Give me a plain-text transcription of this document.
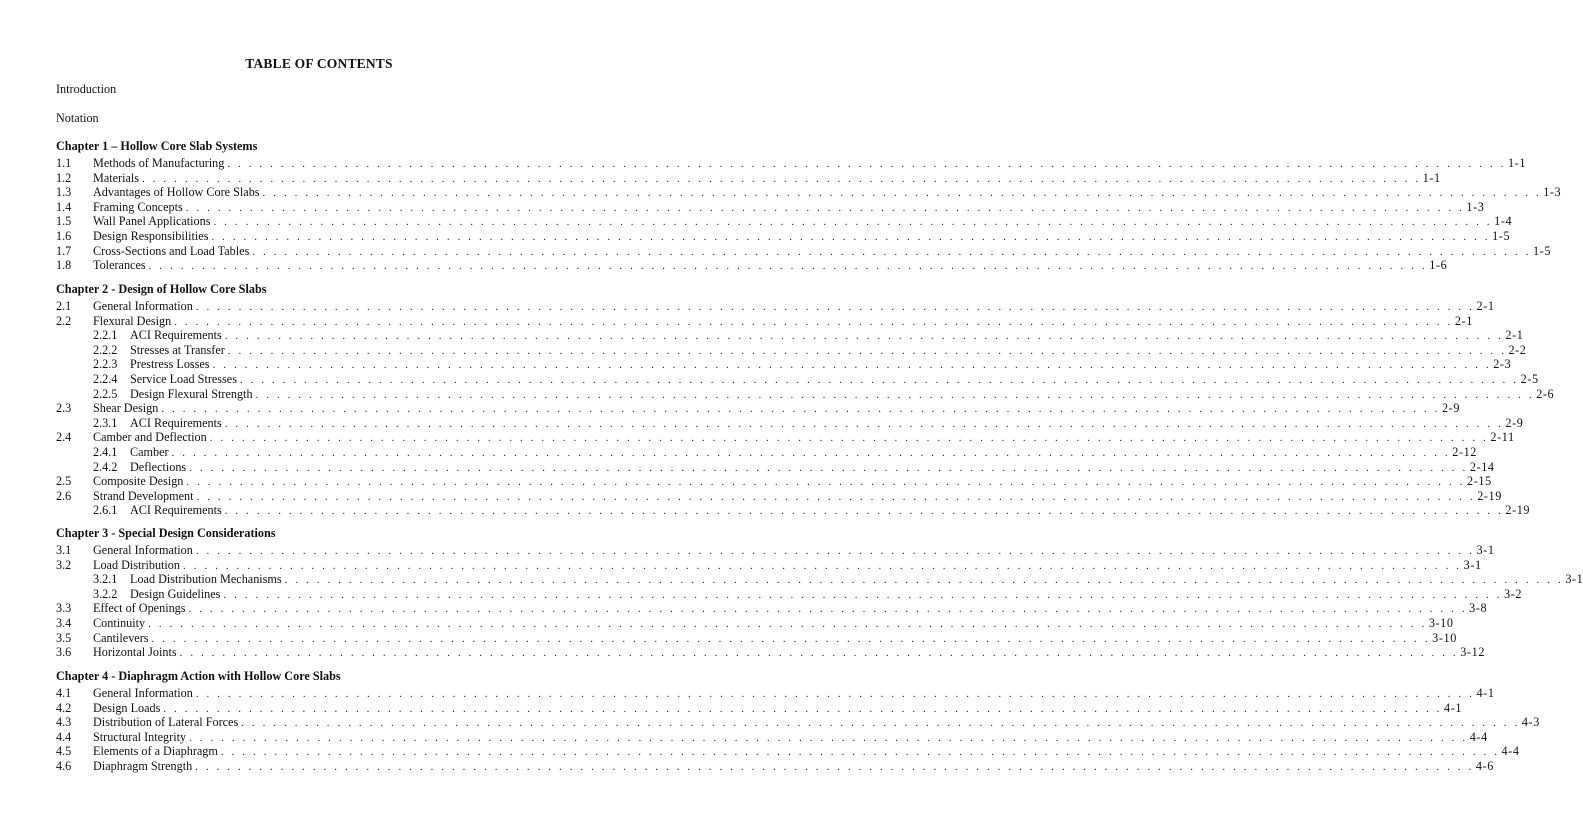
TABLE OF CONTENTS
Introduction
Notation
Chapter 1 – Hollow Core Slab Systems
1.1	Methods of Manufacturing . . . . . . . . . . . . . . . . . . . . . . . . . . . . . . . . . . . . . . . . . . . . . . . . . . . . . . . . . . . . . . . . . . . . . . . . . . . . . . . . . . . . . . . . . . . . . . . . . . . . . . . . . . . . . . . . . . . . . . . . 1-1
1.2	Materials . . . . . . . . . . . . . . . . . . . . . . . . . . . . . . . . . . . . . . . . . . . . . . . . . . . . . . . . . . . . . . . . . . . . . . . . . . . . . . . . . . . . . . . . . . . . . . . . . . . . . . . . . . . . . . . . . . . . . . . . 1-1
1.3	Advantages of Hollow Core Slabs . . . . . . . . . . . . . . . . . . . . . . . . . . . . . . . . . . . . . . . . . . . . . . . . . . . . . . . . . . . . . . . . . . . . . . . . . . . . . . . . . . . . . . . . . . . . . . . . . . . . . . . . . . . . . . . . . . . . . . . . 1-3
1.4	Framing Concepts . . . . . . . . . . . . . . . . . . . . . . . . . . . . . . . . . . . . . . . . . . . . . . . . . . . . . . . . . . . . . . . . . . . . . . . . . . . . . . . . . . . . . . . . . . . . . . . . . . . . . . . . . . . . . . . . . . . . . . . . 1-3
1.5	Wall Panel Applications . . . . . . . . . . . . . . . . . . . . . . . . . . . . . . . . . . . . . . . . . . . . . . . . . . . . . . . . . . . . . . . . . . . . . . . . . . . . . . . . . . . . . . . . . . . . . . . . . . . . . . . . . . . . . . . . . . . . . . . . 1-4
1.6	Design Responsibilities . . . . . . . . . . . . . . . . . . . . . . . . . . . . . . . . . . . . . . . . . . . . . . . . . . . . . . . . . . . . . . . . . . . . . . . . . . . . . . . . . . . . . . . . . . . . . . . . . . . . . . . . . . . . . . . . . . . . . . . . 1-5
1.7	Cross-Sections and Load Tables . . . . . . . . . . . . . . . . . . . . . . . . . . . . . . . . . . . . . . . . . . . . . . . . . . . . . . . . . . . . . . . . . . . . . . . . . . . . . . . . . . . . . . . . . . . . . . . . . . . . . . . . . . . . . . . . . . . . . . . . 1-5
1.8	Tolerances . . . . . . . . . . . . . . . . . . . . . . . . . . . . . . . . . . . . . . . . . . . . . . . . . . . . . . . . . . . . . . . . . . . . . . . . . . . . . . . . . . . . . . . . . . . . . . . . . . . . . . . . . . . . . . . . . . . . . . . . 1-6
Chapter 2 - Design of Hollow Core Slabs
2.1	General Information . . . . . . . . . . . . . . . . . . . . . . . . . . . . . . . . . . . . . . . . . . . . . . . . . . . . . . . . . . . . . . . . . . . . . . . . . . . . . . . . . . . . . . . . . . . . . . . . . . . . . . . . . . . . . . . . . . . . . . . . 2-1
2.2	Flexural Design . . . . . . . . . . . . . . . . . . . . . . . . . . . . . . . . . . . . . . . . . . . . . . . . . . . . . . . . . . . . . . . . . . . . . . . . . . . . . . . . . . . . . . . . . . . . . . . . . . . . . . . . . . . . . . . . . . . . . . . . 2-1
2.2.1	ACI Requirements . . . . . . . . . . . . . . . . . . . . . . . . . . . . . . . . . . . . . . . . . . . . . . . . . . . . . . . . . . . . . . . . . . . . . . . . . . . . . . . . . . . . . . . . . . . . . . . . . . . . . . . . . . . . . . . . . . . . . . . . 2-1
2.2.2	Stresses at Transfer . . . . . . . . . . . . . . . . . . . . . . . . . . . . . . . . . . . . . . . . . . . . . . . . . . . . . . . . . . . . . . . . . . . . . . . . . . . . . . . . . . . . . . . . . . . . . . . . . . . . . . . . . . . . . . . . . . . . . . . . 2-2
2.2.3	Prestress Losses . . . . . . . . . . . . . . . . . . . . . . . . . . . . . . . . . . . . . . . . . . . . . . . . . . . . . . . . . . . . . . . . . . . . . . . . . . . . . . . . . . . . . . . . . . . . . . . . . . . . . . . . . . . . . . . . . . . . . . . . 2-3
2.2.4	Service Load Stresses . . . . . . . . . . . . . . . . . . . . . . . . . . . . . . . . . . . . . . . . . . . . . . . . . . . . . . . . . . . . . . . . . . . . . . . . . . . . . . . . . . . . . . . . . . . . . . . . . . . . . . . . . . . . . . . . . . . . . . . . 2-5
2.2.5	Design Flexural Strength . . . . . . . . . . . . . . . . . . . . . . . . . . . . . . . . . . . . . . . . . . . . . . . . . . . . . . . . . . . . . . . . . . . . . . . . . . . . . . . . . . . . . . . . . . . . . . . . . . . . . . . . . . . . . . . . . . . . . . . . 2-6
2.3	Shear Design . . . . . . . . . . . . . . . . . . . . . . . . . . . . . . . . . . . . . . . . . . . . . . . . . . . . . . . . . . . . . . . . . . . . . . . . . . . . . . . . . . . . . . . . . . . . . . . . . . . . . . . . . . . . . . . . . . . . . . . . 2-9
2.3.1	ACI Requirements . . . . . . . . . . . . . . . . . . . . . . . . . . . . . . . . . . . . . . . . . . . . . . . . . . . . . . . . . . . . . . . . . . . . . . . . . . . . . . . . . . . . . . . . . . . . . . . . . . . . . . . . . . . . . . . . . . . . . . . . 2-9
2.4	Camber and Deflection . . . . . . . . . . . . . . . . . . . . . . . . . . . . . . . . . . . . . . . . . . . . . . . . . . . . . . . . . . . . . . . . . . . . . . . . . . . . . . . . . . . . . . . . . . . . . . . . . . . . . . . . . . . . . . . . . . . . . . . . 2-11
2.4.1	Camber . . . . . . . . . . . . . . . . . . . . . . . . . . . . . . . . . . . . . . . . . . . . . . . . . . . . . . . . . . . . . . . . . . . . . . . . . . . . . . . . . . . . . . . . . . . . . . . . . . . . . . . . . . . . . . . . . . . . . . . . 2-12
2.4.2	Deflections . . . . . . . . . . . . . . . . . . . . . . . . . . . . . . . . . . . . . . . . . . . . . . . . . . . . . . . . . . . . . . . . . . . . . . . . . . . . . . . . . . . . . . . . . . . . . . . . . . . . . . . . . . . . . . . . . . . . . . . . 2-14
2.5	Composite Design . . . . . . . . . . . . . . . . . . . . . . . . . . . . . . . . . . . . . . . . . . . . . . . . . . . . . . . . . . . . . . . . . . . . . . . . . . . . . . . . . . . . . . . . . . . . . . . . . . . . . . . . . . . . . . . . . . . . . . . . 2-15
2.6	Strand Development . . . . . . . . . . . . . . . . . . . . . . . . . . . . . . . . . . . . . . . . . . . . . . . . . . . . . . . . . . . . . . . . . . . . . . . . . . . . . . . . . . . . . . . . . . . . . . . . . . . . . . . . . . . . . . . . . . . . . . . . 2-19
2.6.1	ACI Requirements . . . . . . . . . . . . . . . . . . . . . . . . . . . . . . . . . . . . . . . . . . . . . . . . . . . . . . . . . . . . . . . . . . . . . . . . . . . . . . . . . . . . . . . . . . . . . . . . . . . . . . . . . . . . . . . . . . . . . . . . 2-19
Chapter 3 - Special Design Considerations
3.1	General Information . . . . . . . . . . . . . . . . . . . . . . . . . . . . . . . . . . . . . . . . . . . . . . . . . . . . . . . . . . . . . . . . . . . . . . . . . . . . . . . . . . . . . . . . . . . . . . . . . . . . . . . . . . . . . . . . . . . . . . . . 3-1
3.2	Load Distribution . . . . . . . . . . . . . . . . . . . . . . . . . . . . . . . . . . . . . . . . . . . . . . . . . . . . . . . . . . . . . . . . . . . . . . . . . . . . . . . . . . . . . . . . . . . . . . . . . . . . . . . . . . . . . . . . . . . . . . . . 3-1
3.2.1	Load Distribution Mechanisms . . . . . . . . . . . . . . . . . . . . . . . . . . . . . . . . . . . . . . . . . . . . . . . . . . . . . . . . . . . . . . . . . . . . . . . . . . . . . . . . . . . . . . . . . . . . . . . . . . . . . . . . . . . . . . . . . . . . . . . . 3-1
3.2.2	Design Guidelines . . . . . . . . . . . . . . . . . . . . . . . . . . . . . . . . . . . . . . . . . . . . . . . . . . . . . . . . . . . . . . . . . . . . . . . . . . . . . . . . . . . . . . . . . . . . . . . . . . . . . . . . . . . . . . . . . . . . . . . . 3-2
3.3	Effect of Openings . . . . . . . . . . . . . . . . . . . . . . . . . . . . . . . . . . . . . . . . . . . . . . . . . . . . . . . . . . . . . . . . . . . . . . . . . . . . . . . . . . . . . . . . . . . . . . . . . . . . . . . . . . . . . . . . . . . . . . . . 3-8
3.4	Continuity . . . . . . . . . . . . . . . . . . . . . . . . . . . . . . . . . . . . . . . . . . . . . . . . . . . . . . . . . . . . . . . . . . . . . . . . . . . . . . . . . . . . . . . . . . . . . . . . . . . . . . . . . . . . . . . . . . . . . . . . 3-10
3.5	Cantilevers . . . . . . . . . . . . . . . . . . . . . . . . . . . . . . . . . . . . . . . . . . . . . . . . . . . . . . . . . . . . . . . . . . . . . . . . . . . . . . . . . . . . . . . . . . . . . . . . . . . . . . . . . . . . . . . . . . . . . . . . 3-10
3.6	Horizontal Joints . . . . . . . . . . . . . . . . . . . . . . . . . . . . . . . . . . . . . . . . . . . . . . . . . . . . . . . . . . . . . . . . . . . . . . . . . . . . . . . . . . . . . . . . . . . . . . . . . . . . . . . . . . . . . . . . . . . . . . . . 3-12
Chapter 4 - Diaphragm Action with Hollow Core Slabs
4.1	General Information . . . . . . . . . . . . . . . . . . . . . . . . . . . . . . . . . . . . . . . . . . . . . . . . . . . . . . . . . . . . . . . . . . . . . . . . . . . . . . . . . . . . . . . . . . . . . . . . . . . . . . . . . . . . . . . . . . . . . . . . 4-1
4.2	Design Loads . . . . . . . . . . . . . . . . . . . . . . . . . . . . . . . . . . . . . . . . . . . . . . . . . . . . . . . . . . . . . . . . . . . . . . . . . . . . . . . . . . . . . . . . . . . . . . . . . . . . . . . . . . . . . . . . . . . . . . . . 4-1
4.3	Distribution of Lateral Forces . . . . . . . . . . . . . . . . . . . . . . . . . . . . . . . . . . . . . . . . . . . . . . . . . . . . . . . . . . . . . . . . . . . . . . . . . . . . . . . . . . . . . . . . . . . . . . . . . . . . . . . . . . . . . . . . . . . . . . . . 4-3
4.4	Structural Integrity . . . . . . . . . . . . . . . . . . . . . . . . . . . . . . . . . . . . . . . . . . . . . . . . . . . . . . . . . . . . . . . . . . . . . . . . . . . . . . . . . . . . . . . . . . . . . . . . . . . . . . . . . . . . . . . . . . . . . . . . 4-4
4.5	Elements of a Diaphragm . . . . . . . . . . . . . . . . . . . . . . . . . . . . . . . . . . . . . . . . . . . . . . . . . . . . . . . . . . . . . . . . . . . . . . . . . . . . . . . . . . . . . . . . . . . . . . . . . . . . . . . . . . . . . . . . . . . . . . . . 4-4
4.6	Diaphragm Strength . . . . . . . . . . . . . . . . . . . . . . . . . . . . . . . . . . . . . . . . . . . . . . . . . . . . . . . . . . . . . . . . . . . . . . . . . . . . . . . . . . . . . . . . . . . . . . . . . . . . . . . . . . . . . . . . . . . . . . . . 4-6
